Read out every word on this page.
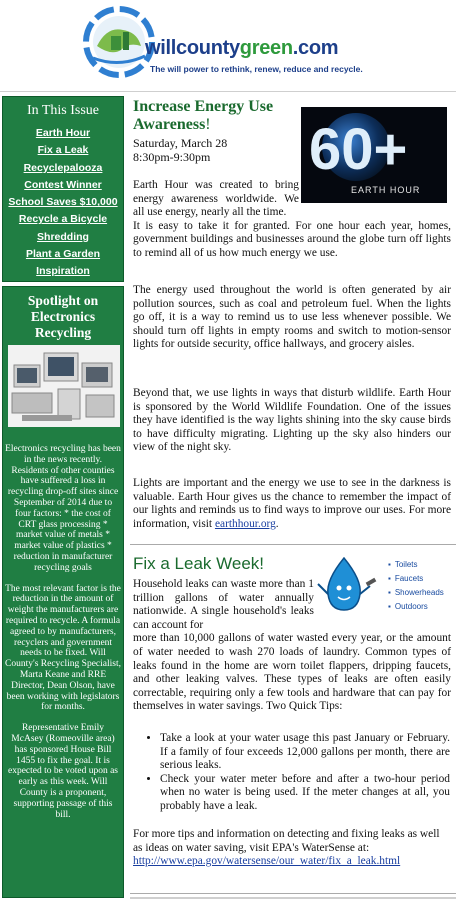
willcountygreen.com
The will power to rethink, renew, reduce and recycle.
In This Issue
Earth Hour
Fix a Leak
Recyclepalooza
Contest Winner
School Saves $10,000
Recycle a Bicycle
Shredding
Plant a Garden
Inspiration
Spotlight on Electronics Recycling

Electronics recycling has been in the news recently. Residents of other counties have suffered a loss in recycling drop-off sites since September of 2014 due to four factors: * the cost of CRT glass processing * market value of metals * market value of plastics * reduction in manufacturer recycling goals

The most relevant factor is the reduction in the amount of weight the manufacturers are required to recycle. A formula agreed to by manufacturers, recyclers and government needs to be fixed. Will County's Recycling Specialist, Marta Keane and RRE Director, Dean Olson, have been working with legislators for months.

Representative Emily McAsey (Romeoville area) has sponsored House Bill 1455 to fix the goal. It is expected to be voted upon as early as this week. Will County is a proponent, supporting passage of this bill.

Increase Energy Use Awareness!
Saturday, March 28
8:30pm-9:30pm 60+
EARTH HOUR
Earth Hour was created to bring energy awareness worldwide. We all use energy, nearly all the time.
It is easy to take it for granted. For one hour each year, homes, government buildings and businesses around the globe turn off lights to remind all of us how much energy we use.
The energy used throughout the world is often generated by air pollution sources, such as coal and petroleum fuel. When the lights go off, it is a way to remind us to use less whenever possible. We should turn off lights in empty rooms and switch to motion-sensor lights for outside security, office hallways, and grocery aisles.
Beyond that, we use lights in ways that disturb wildlife. Earth Hour is sponsored by the World Wildlife Foundation. One of the issues they have identified is the way lights shining into the sky cause birds to have difficulty migrating. Lighting up the sky also hinders our view of the night sky.
Lights are important and the energy we use to see in the darkness is valuable. Earth Hour gives us the chance to remember the impact of our lights and reminds us to find ways to improve our uses. For more information, visit earthhour.org.
Fix a Leak Week!
▪	Toilets
▪ Faucets
▪ Showerheads
▪ Outdoors
Household leaks can waste more than 1 trillion gallons of water annually nationwide. A single household's leaks can account for
more than 10,000 gallons of water wasted every year, or the amount of water needed to wash 270 loads of laundry. Common types of leaks found in the home are worn toilet flappers, dripping faucets, and other leaking valves. These types of leaks are often easily correctable, requiring only a few tools and hardware that can pay for themselves in water savings. Two Quick Tips:
• Take a look at your water usage this past January or February. If a family of four exceeds 12,000 gallons per month, there are serious leaks.
• Check your water meter before and after a two-hour period when no water is being used. If the meter changes at all, you probably have a leak.
For more tips and information on detecting and fixing leaks as well as ideas on water saving, visit EPA's WaterSense at:
http://www.epa.gov/watersense/our_water/fix_a_leak.html
